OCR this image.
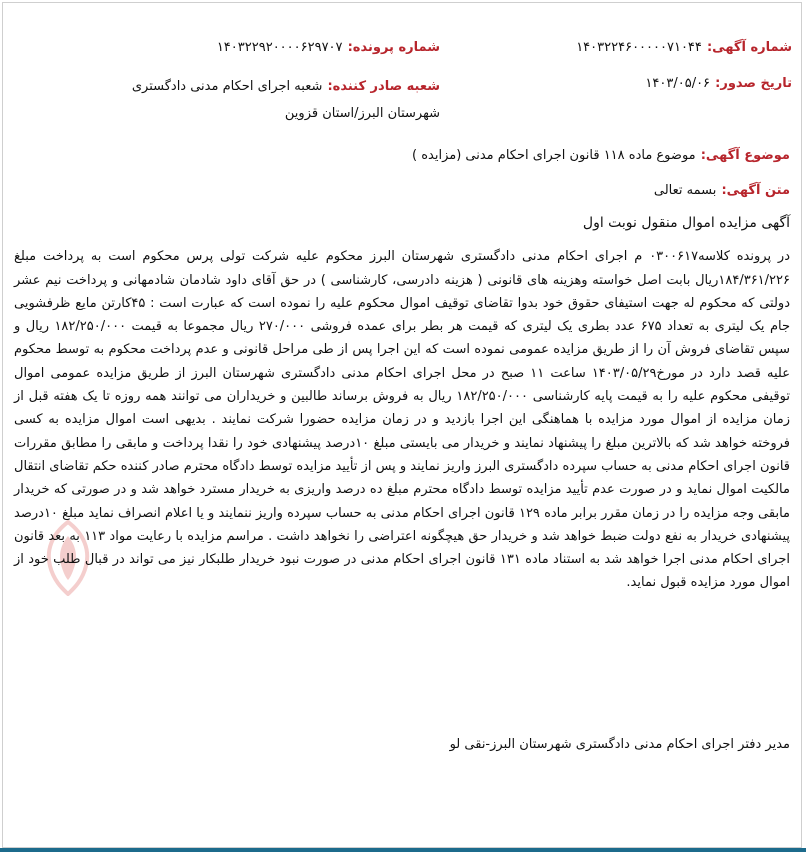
شماره آگهی: ۱۴۰۳۲۲۴۶۰۰۰۰۰۷۱۰۴۴
شماره پرونده: ۱۴۰۳۲۲۹۲۰۰۰۰۶۲۹۷۰۷
تاریخ صدور: ۱۴۰۳/۰۵/۰۶
شعبه صادر کننده: شعبه اجرای احکام مدنی دادگستری شهرستان البرز/استان قزوین
موضوع آگهی: موضوع ماده ۱۱۸ قانون اجرای احکام مدنی (مزایده )
متن آگهی: بسمه تعالی

آگهی مزایده اموال منقول نوبت اول

در پرونده کلاسه۰۳۰۰۶۱۷ م اجرای احکام مدنی دادگستری شهرستان البرز محکوم علیه شرکت تولی پرس محکوم است به پرداخت مبلغ ۱۸۴/۳۶۱/۲۲۶ریال بابت اصل خواسته وهزینه های قانونی ( هزینه دادرسی، کارشناسی ) در حق آقای داود شادمان شادمهانی و پرداخت نیم عشر دولتی که محکوم له جهت استیفای حقوق خود بدوا تقاضای توقیف اموال محکوم علیه را نموده است که عبارت است : ۴۵کارتن مایع ظرفشویی جام یک لیتری به تعداد ۶۷۵ عدد بطری یک لیتری که قیمت هر بطر برای عمده فروشی ۲۷۰/۰۰۰ ریال مجموعا به قیمت ۱۸۲/۲۵۰/۰۰۰ ریال و سپس تقاضای فروش آن را از طریق مزایده عمومی نموده است که این اجرا پس از طی مراحل قانونی و عدم پرداخت محکوم به توسط محکوم علیه قصد دارد در مورخ۱۴۰۳/۰۵/۲۹ ساعت ۱۱ صبح در محل اجرای احکام مدنی دادگستری شهرستان البرز از طریق مزایده عمومی اموال توقیفی محکوم علیه را به قیمت پایه کارشناسی ۱۸۲/۲۵۰/۰۰۰ ریال به فروش برساند طالبین و خریداران می توانند همه روزه تا یک هفته قبل از زمان مزایده از اموال مورد مزایده با هماهنگی این اجرا بازدید و در زمان مزایده حضورا شرکت نمایند . بدیهی است اموال مزایده به کسی فروخته خواهد شد که بالاترین مبلغ را پیشنهاد نمایند و خریدار می بایستی مبلغ ۱۰درصد پیشنهادی خود را نقدا پرداخت و مابقی را مطابق مقررات قانون اجرای احکام مدنی به حساب سپرده دادگستری البرز واریز نمایند و پس از تأیید مزایده توسط دادگاه محترم صادر کننده حکم تقاضای انتقال مالکیت اموال نماید و در صورت عدم تأیید مزایده توسط دادگاه محترم مبلغ ده درصد واریزی به خریدار مسترد خواهد شد و در صورتی که خریدار مابقی وجه مزایده را در زمان مقرر برابر ماده ۱۲۹ قانون اجرای احکام مدنی به حساب سپرده واریز ننمایند و یا اعلام انصراف نماید مبلغ ۱۰درصد پیشنهادی خریدار به نفع دولت ضبط خواهد شد و خریدار حق هیچگونه اعتراضی را نخواهد داشت . مراسم مزایده با رعایت مواد ۱۱۳ به بعد قانون اجرای احکام مدنی اجرا خواهد شد به استناد ماده ۱۳۱ قانون اجرای احکام مدنی در صورت نبود خریدار طلبکار نیز می تواند در قبال طلب خود از اموال مورد مزایده قبول نماید.

مدیر دفتر اجرای احکام مدنی دادگستری شهرستان البرز-نقی لو
